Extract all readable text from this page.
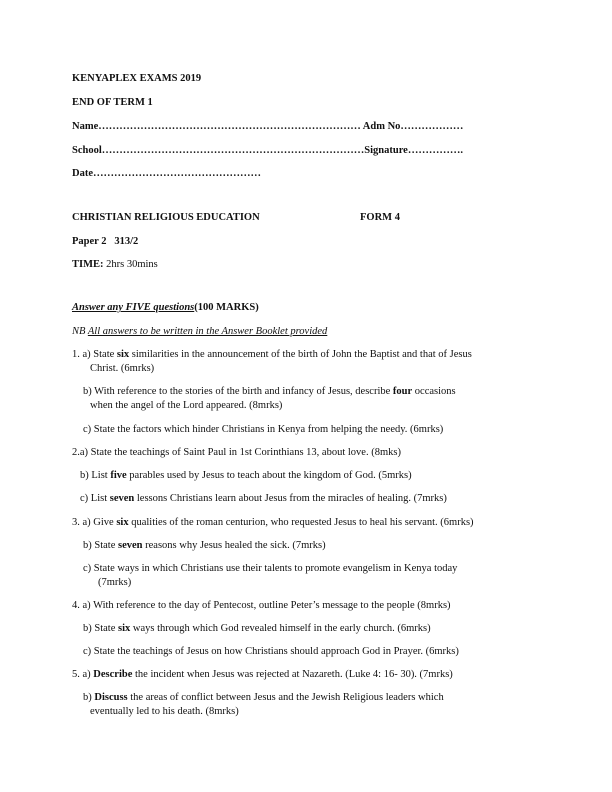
KENYAPLEX EXAMS 2019
END OF TERM 1
Name………………………………………………………………… Adm No………………
School…………………………………………………………………Signature…………….
Date…………………………………………
CHRISTIAN RELIGIOUS EDUCATION	FORM 4
Paper 2 313/2
TIME: 2hrs 30mins
Answer any FIVE questions(100 MARKS)
NB All answers to be written in the Answer Booklet provided
1. a) State six similarities in the announcement of the birth of John the Baptist and that of Jesus
Christ. (6mrks)
b) With reference to the stories of the birth and infancy of Jesus, describe four occasions
when the angel of the Lord appeared. (8mrks)
c) State the factors which hinder Christians in Kenya from helping the needy. (6mrks)
2.a) State the teachings of Saint Paul in 1st Corinthians 13, about love. (8mks)
b) List five parables used by Jesus to teach about the kingdom of God. (5mrks)
c) List seven lessons Christians learn about Jesus from the miracles of healing. (7mrks)
3. a) Give six qualities of the roman centurion, who requested Jesus to heal his servant. (6mrks)
b) State seven reasons why Jesus healed the sick. (7mrks)
c) State ways in which Christians use their talents to promote evangelism in Kenya today
(7mrks)
4. a) With reference to the day of Pentecost, outline Peter’s message to the people (8mrks)
b) State six ways through which God revealed himself in the early church. (6mrks)
c) State the teachings of Jesus on how Christians should approach God in Prayer. (6mrks)
5. a) Describe the incident when Jesus was rejected at Nazareth. (Luke 4: 16- 30). (7mrks)
b) Discuss the areas of conflict between Jesus and the Jewish Religious leaders which
eventually led to his death. (8mrks)
